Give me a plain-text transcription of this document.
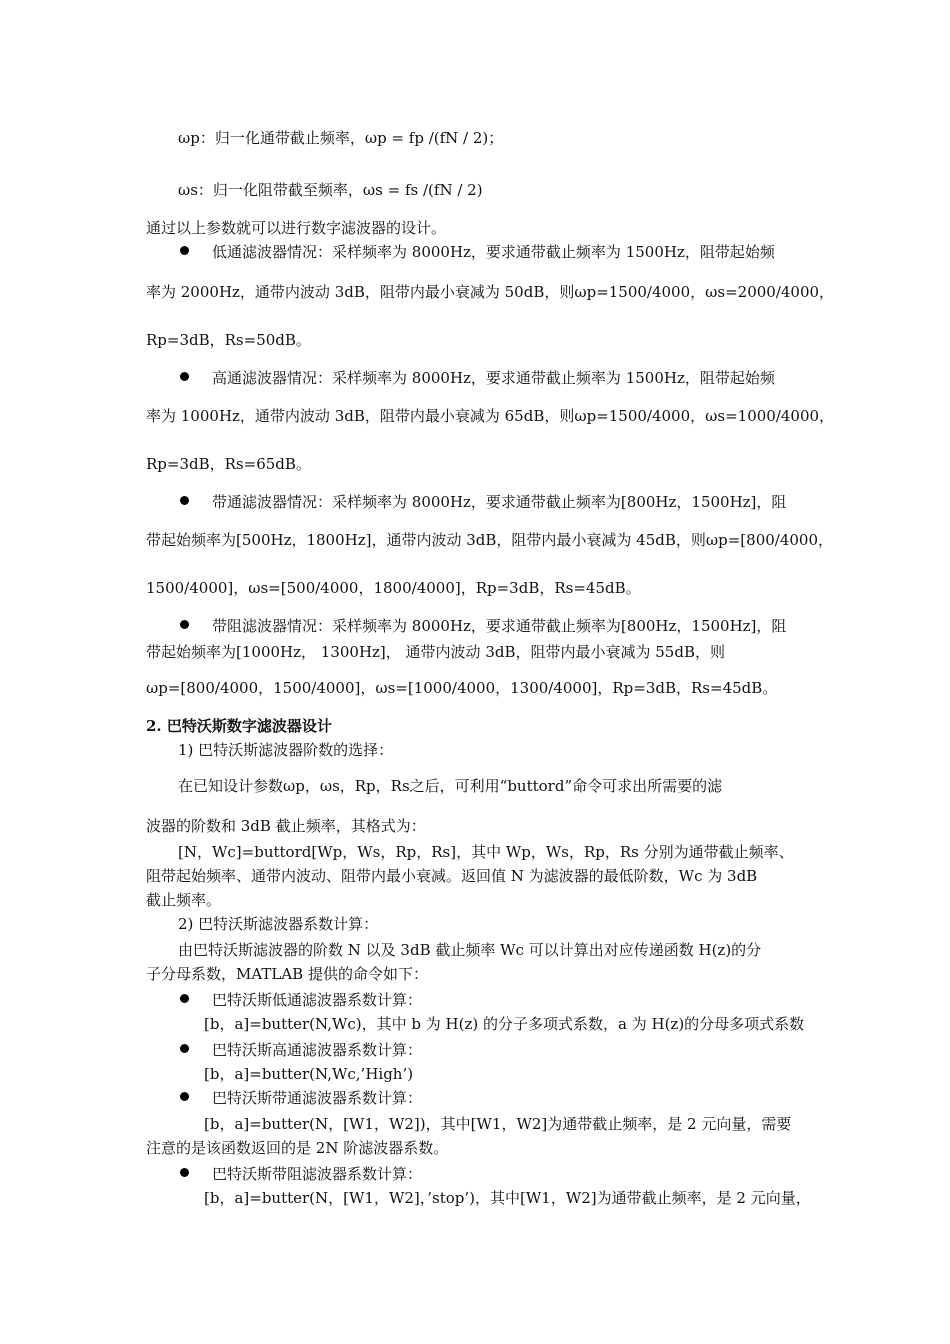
ωp：归一化通带截止频率，ωp = fp /(fN / 2)；
ωs：归一化阻带截至频率，ωs = fs /(fN / 2)
通过以上参数就可以进行数字滤波器的设计。
低通滤波器情况：采样频率为 8000Hz，要求通带截止频率为 1500Hz，阻带起始频
率为 2000Hz，通带内波动 3dB，阻带内最小衰减为 50dB，则ωp=1500/4000，ωs=2000/4000，
Rp=3dB，Rs=50dB。
高通滤波器情况：采样频率为 8000Hz，要求通带截止频率为 1500Hz，阻带起始频
率为 1000Hz，通带内波动 3dB，阻带内最小衰减为 65dB，则ωp=1500/4000，ωs=1000/4000，
Rp=3dB，Rs=65dB。
带通滤波器情况：采样频率为 8000Hz，要求通带截止频率为[800Hz，1500Hz]，阻
带起始频率为[500Hz，1800Hz]，通带内波动 3dB，阻带内最小衰减为 45dB，则ωp=[800/4000，
1500/4000]，ωs=[500/4000，1800/4000]，Rp=3dB，Rs=45dB。
带阻滤波器情况：采样频率为 8000Hz，要求通带截止频率为[800Hz，1500Hz]，阻
带起始频率为[1000Hz， 1300Hz]， 通带内波动 3dB，阻带内最小衰减为 55dB，则
ωp=[800/4000，1500/4000]，ωs=[1000/4000，1300/4000]，Rp=3dB，Rs=45dB。
2. 巴特沃斯数字滤波器设计
1) 巴特沃斯滤波器阶数的选择：
在已知设计参数ωp，ωs，Rp，Rs之后，可利用“buttord”命令可求出所需要的滤
波器的阶数和 3dB 截止频率，其格式为：
[N，Wc]=buttord[Wp，Ws，Rp，Rs]，其中 Wp，Ws，Rp，Rs 分别为通带截止频率、
阻带起始频率、通带内波动、阻带内最小衰减。返回值 N 为滤波器的最低阶数，Wc 为 3dB
截止频率。
2) 巴特沃斯滤波器系数计算：
由巴特沃斯滤波器的阶数 N 以及 3dB 截止频率 Wc 可以计算出对应传递函数 H(z)的分
子分母系数，MATLAB 提供的命令如下：
巴特沃斯低通滤波器系数计算：
[b，a]=butter(N,Wc)，其中 b 为 H(z) 的分子多项式系数，a 为 H(z)的分母多项式系数
巴特沃斯高通滤波器系数计算：
[b，a]=butter(N,Wc,’High’)
巴特沃斯带通滤波器系数计算：
[b，a]=butter(N，[W1，W2])，其中[W1，W2]为通带截止频率，是 2 元向量，需要
注意的是该函数返回的是 2N 阶滤波器系数。
巴特沃斯带阻滤波器系数计算：
[b，a]=butter(N，[W1，W2]，’stop’)，其中[W1，W2]为通带截止频率，是 2 元向量，
